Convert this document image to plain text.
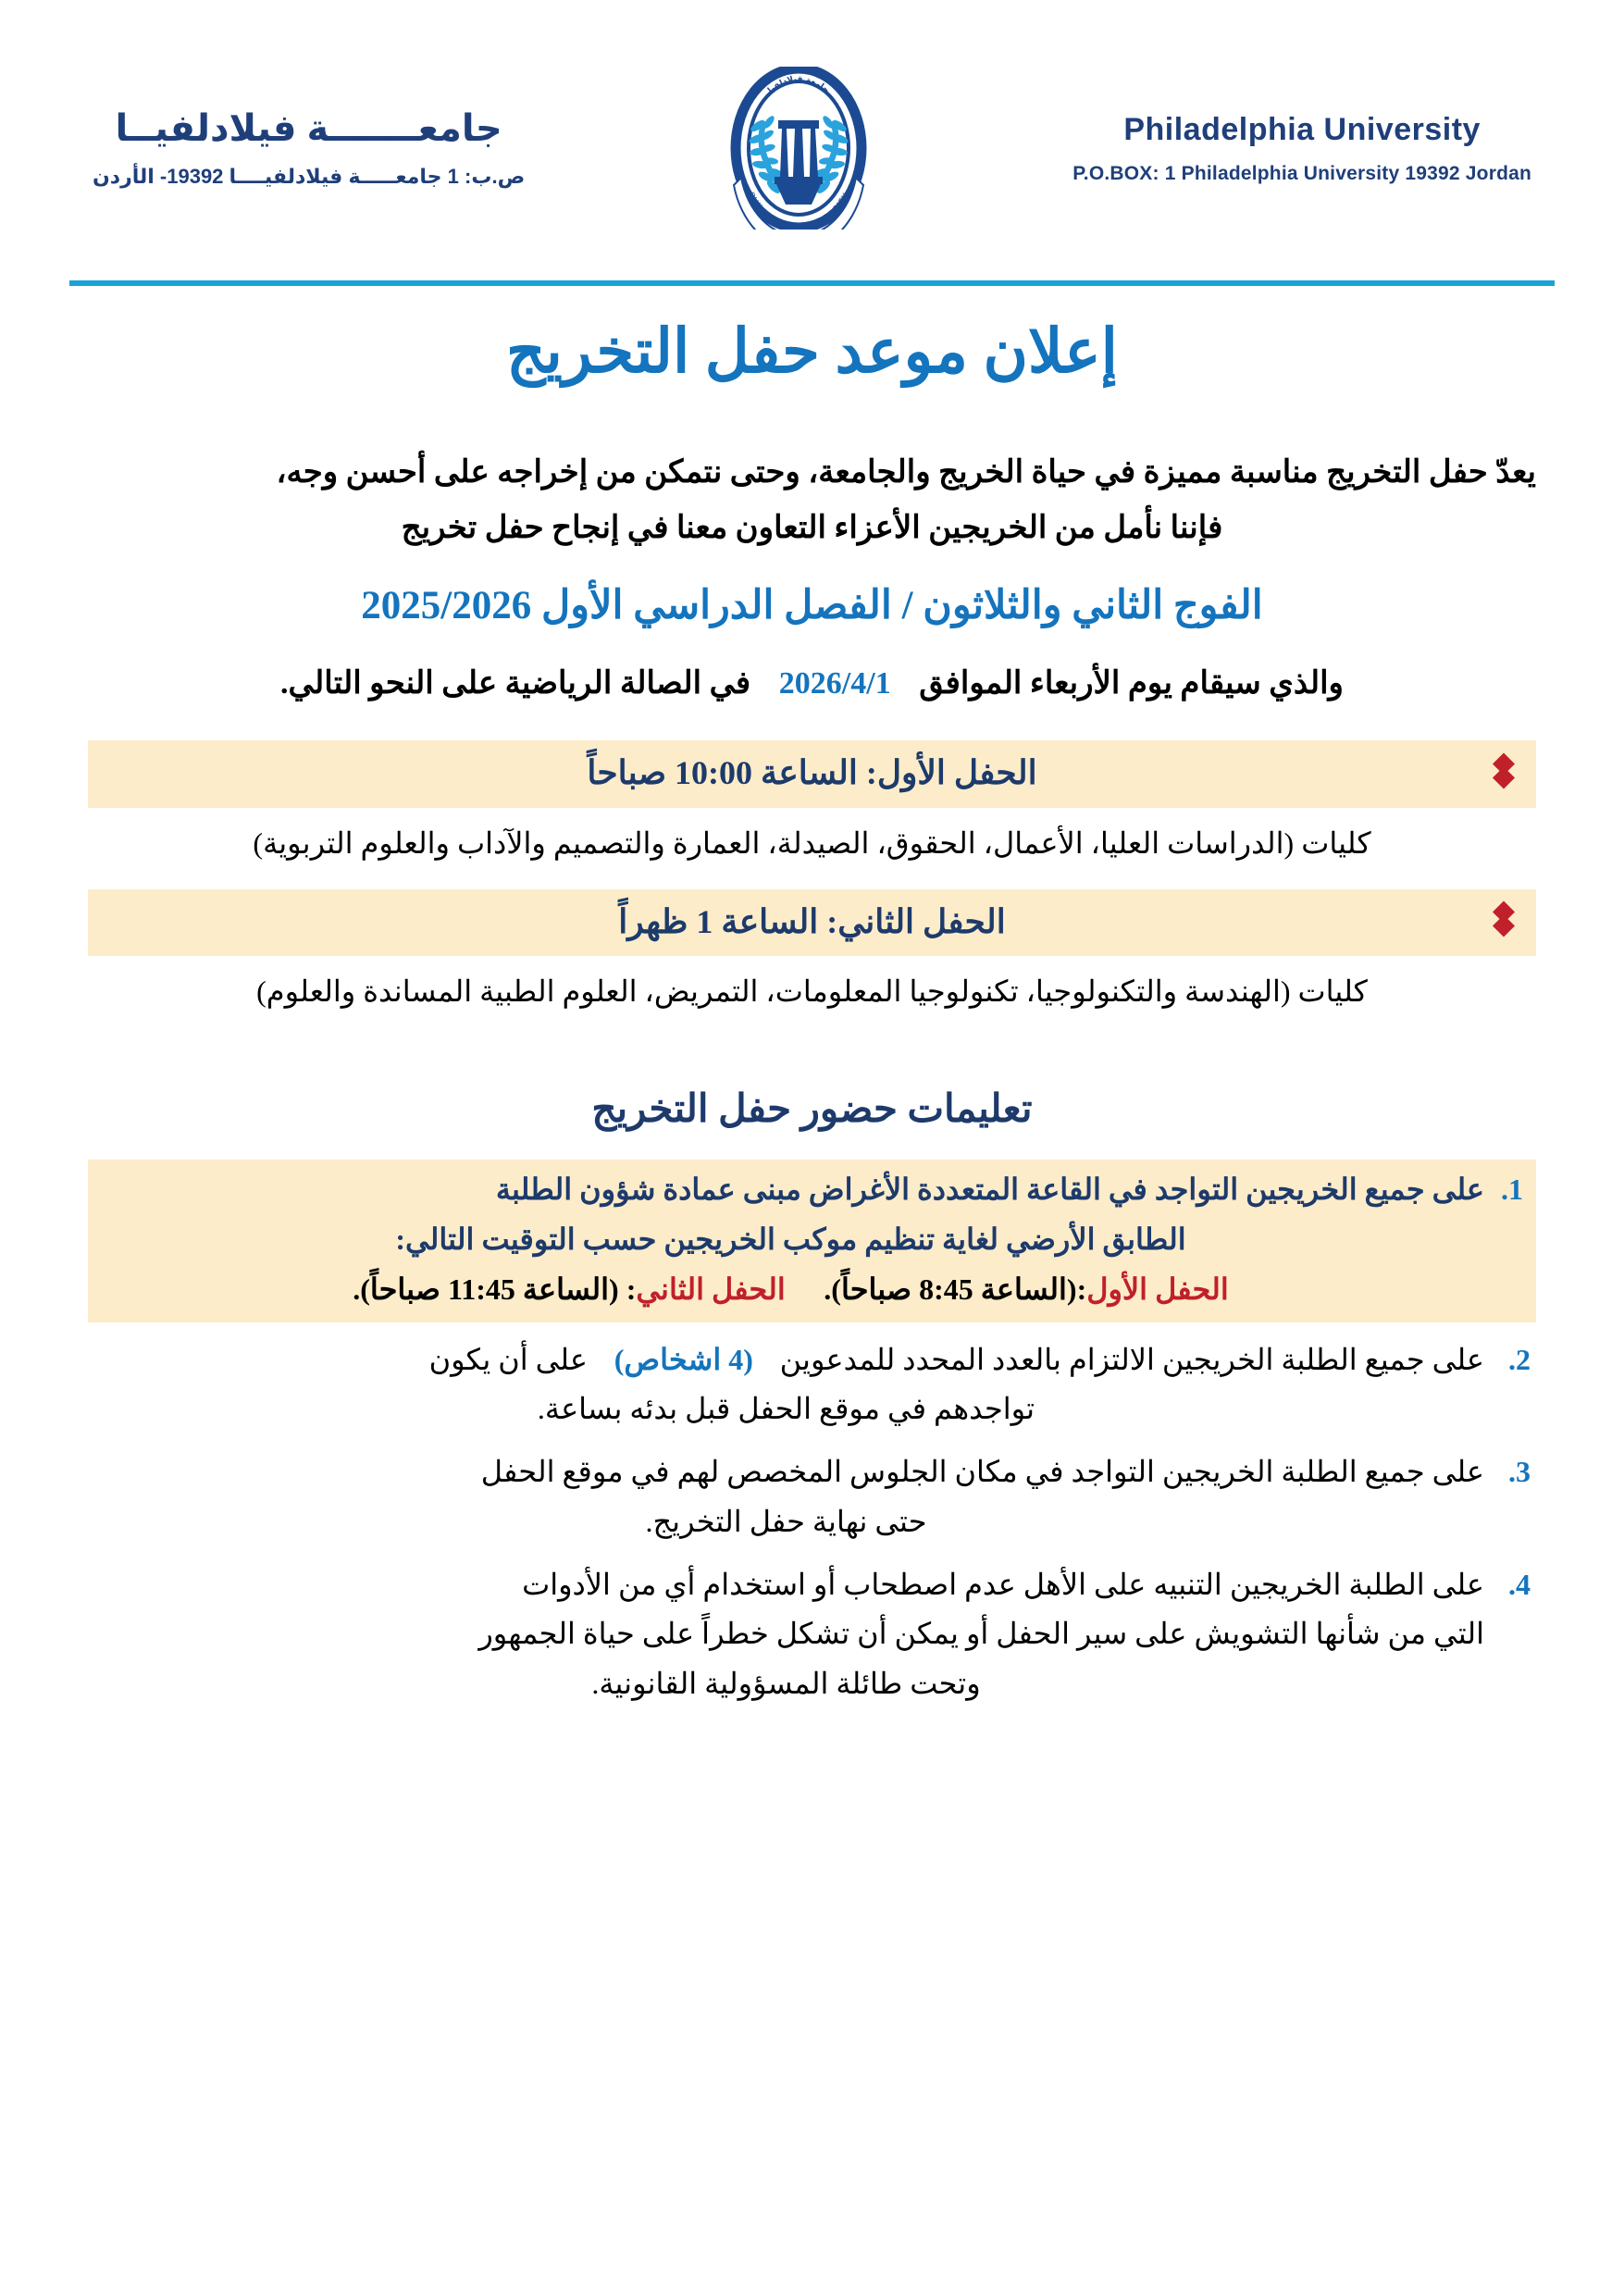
Philadelphia University
P.O.BOX: 1 Philadelphia University 19392 Jordan
جامعة فيلادلفيا
PHILADELPHIA UNIVERSITY
جامعـــــــة فيلادلفيــا
ص.ب: 1 جامعـــــة فيلادلفيــــا 19392- الأردن
إعلان موعد حفل التخريج

يعدّ حفل التخريج مناسبة مميزة في حياة الخريج والجامعة، وحتى نتمكن من إخراجه على أحسن وجه،
فإننا نأمل من الخريجين الأعزاء التعاون معنا في إنجاح حفل تخريج

الفوج الثاني والثلاثون / الفصل الدراسي الأول 2025/2026

والذي سيقام يوم الأربعاء الموافق  2026/4/1  في الصالة الرياضية على النحو التالي.

الحفل الأول: الساعة 10:00 صباحاً

كليات (الدراسات العليا، الأعمال، الحقوق، الصيدلة، العمارة والتصميم والآداب والعلوم التربوية)

الحفل الثاني: الساعة 1 ظهراً

كليات (الهندسة والتكنولوجيا، تكنولوجيا المعلومات، التمريض، العلوم الطبية المساندة والعلوم)

تعليمات حضور حفل التخريج
على جميع الخريجين التواجد في القاعة المتعددة الأغراض مبنى عمادة شؤون الطلبة
الطابق الأرضي لغاية تنظيم موكب الخريجين حسب التوقيت التالي:
الحفل الأول:(الساعة 8:45 صباحاً).  الحفل الثاني: (الساعة 11:45 صباحاً).
على جميع الطلبة الخريجين الالتزام بالعدد المحدد للمدعوين  (4 اشخاص)  على أن يكون
تواجدهم في موقع الحفل قبل بدئه بساعة.
على جميع الطلبة الخريجين التواجد في مكان الجلوس المخصص لهم في موقع الحفل
حتى نهاية حفل التخريج.
على الطلبة الخريجين التنبيه على الأهل عدم اصطحاب أو استخدام أي من الأدوات
التي من شأنها التشويش على سير الحفل أو يمكن أن تشكل خطراً على حياة الجمهور
وتحت طائلة المسؤولية القانونية.
